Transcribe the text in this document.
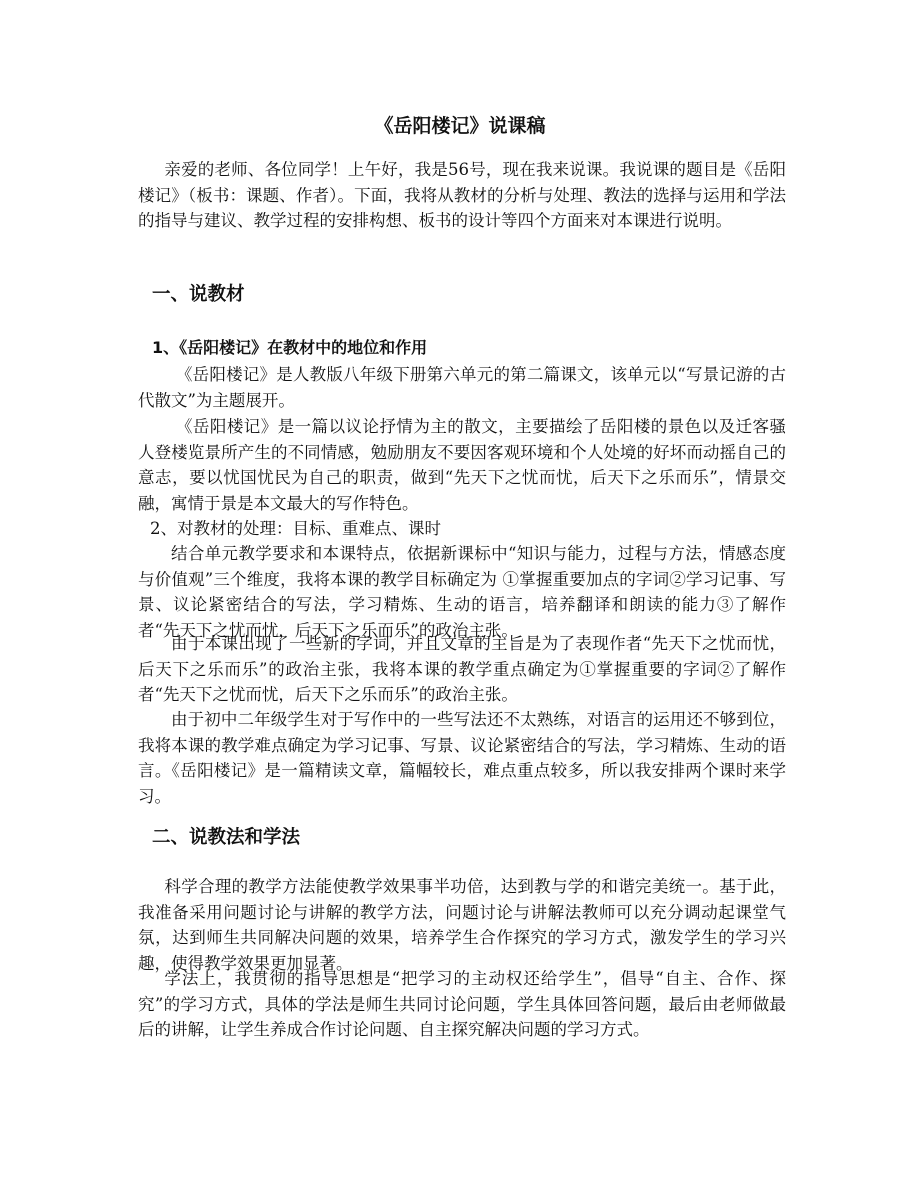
《岳阳楼记》说课稿

亲爱的老师、各位同学！上午好，我是56号，现在我来说课。我说课的题目是《岳阳楼记》（板书：课题、作者）。下面，我将从教材的分析与处理、教法的选择与运用和学法的指导与建议、教学过程的安排构想、板书的设计等四个方面来对本课进行说明。

一、说教材
1、《岳阳楼记》在教材中的地位和作用

《岳阳楼记》是人教版八年级下册第六单元的第二篇课文，该单元以“写景记游的古代散文”为主题展开。

《岳阳楼记》是一篇以议论抒情为主的散文，主要描绘了岳阳楼的景色以及迁客骚人登楼览景所产生的不同情感，勉励朋友不要因客观环境和个人处境的好坏而动摇自己的意志，要以忧国忧民为自己的职责，做到“先天下之忧而忧，后天下之乐而乐”，情景交融，寓情于景是本文最大的写作特色。

2、对教材的处理：目标、重难点、课时

结合单元教学要求和本课特点，依据新课标中“知识与能力，过程与方法，情感态度与价值观”三个维度，我将本课的教学目标确定为 ①掌握重要加点的字词②学习记事、写景、议论紧密结合的写法，学习精炼、生动的语言，培养翻译和朗读的能力③了解作者“先天下之忧而忧，后天下之乐而乐”的政治主张。

由于本课出现了一些新的字词，并且文章的主旨是为了表现作者“先天下之忧而忧，后天下之乐而乐”的政治主张，我将本课的教学重点确定为①掌握重要的字词②了解作者“先天下之忧而忧，后天下之乐而乐”的政治主张。

由于初中二年级学生对于写作中的一些写法还不太熟练，对语言的运用还不够到位，我将本课的教学难点确定为学习记事、写景、议论紧密结合的写法，学习精炼、生动的语言。《岳阳楼记》是一篇精读文章，篇幅较长，难点重点较多，所以我安排两个课时来学习。

二、说教法和学法

科学合理的教学方法能使教学效果事半功倍，达到教与学的和谐完美统一。基于此，我准备采用问题讨论与讲解的教学方法，问题讨论与讲解法教师可以充分调动起课堂气氛，达到师生共同解决问题的效果，培养学生合作探究的学习方式，激发学生的学习兴趣，使得教学效果更加显著。

学法上，我贯彻的指导思想是“把学习的主动权还给学生”，倡导“自主、合作、探究”的学习方式，具体的学法是师生共同讨论问题，学生具体回答问题，最后由老师做最后的讲解，让学生养成合作讨论问题、自主探究解决问题的学习方式。
